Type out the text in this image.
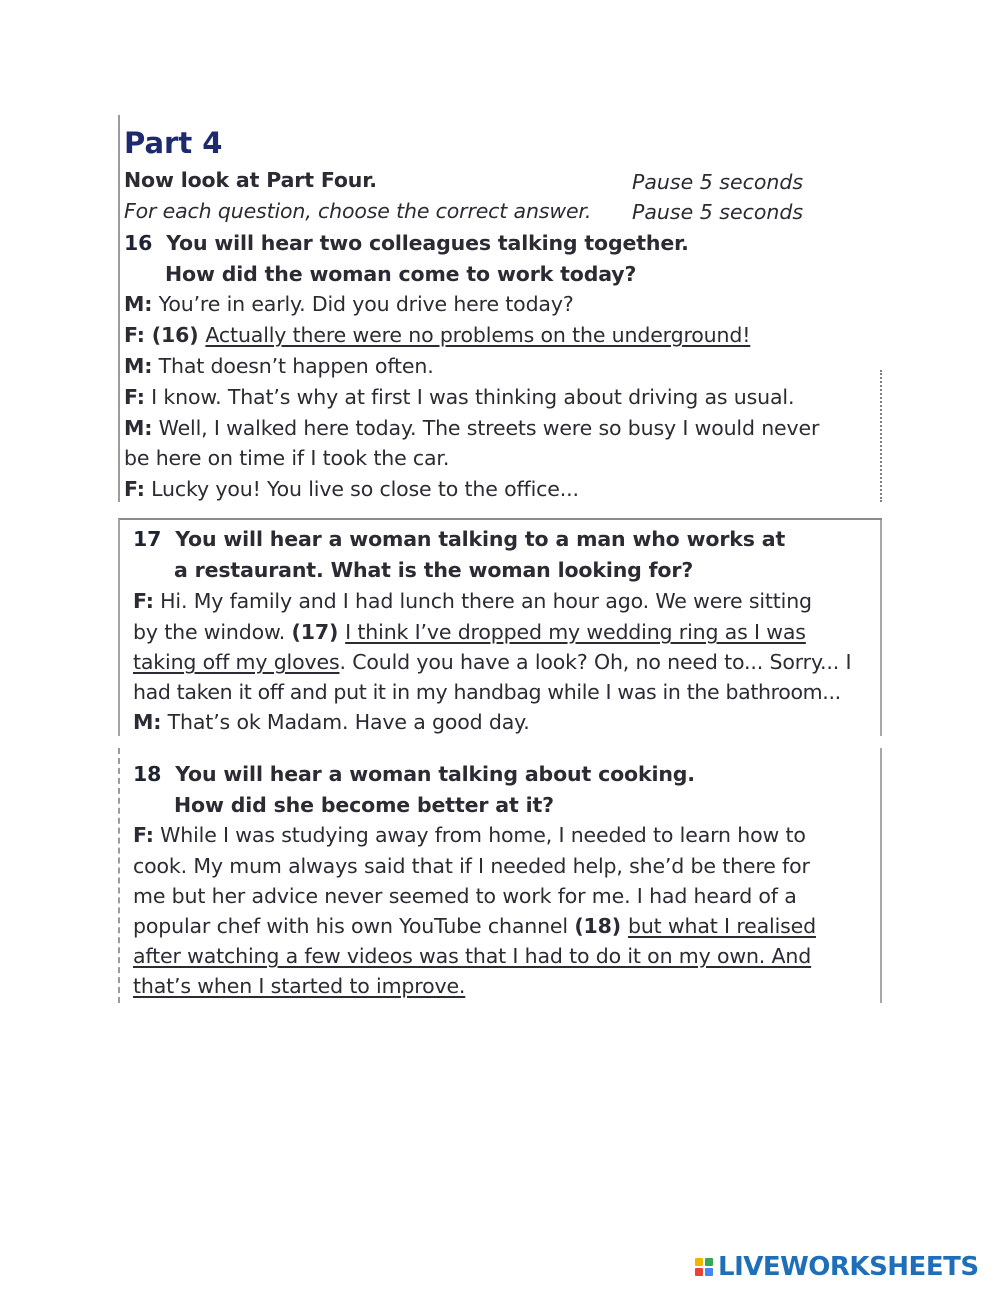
Part 4
Now look at Part Four.	Pause 5 seconds
For each question, choose the correct answer. Pause 5 seconds
16 You will hear two colleagues talking together.
How did the woman come to work today?
M: You’re in early. Did you drive here today?
F: (16) Actually there were no problems on the underground!
M: That doesn’t happen often.
F: I know. That’s why at first I was thinking about driving as usual.
M: Well, I walked here today. The streets were so busy I would never
be here on time if I took the car.
F: Lucky you! You live so close to the office...
17 You will hear a woman talking to a man who works at
a restaurant. What is the woman looking for?
F: Hi. My family and I had lunch there an hour ago. We were sitting
by the window. (17) I think I’ve dropped my wedding ring as I was
taking off my gloves. Could you have a look? Oh, no need to... Sorry... I
had taken it off and put it in my handbag while I was in the bathroom...
M: That’s ok Madam. Have a good day.
18 You will hear a woman talking about cooking.
How did she become better at it?
F: While I was studying away from home, I needed to learn how to
cook. My mum always said that if I needed help, she’d be there for
me but her advice never seemed to work for me. I had heard of a
popular chef with his own YouTube channel (18) but what I realised
after watching a few videos was that I had to do it on my own. And
that’s when I started to improve.
LIVEWORKSHEETS
